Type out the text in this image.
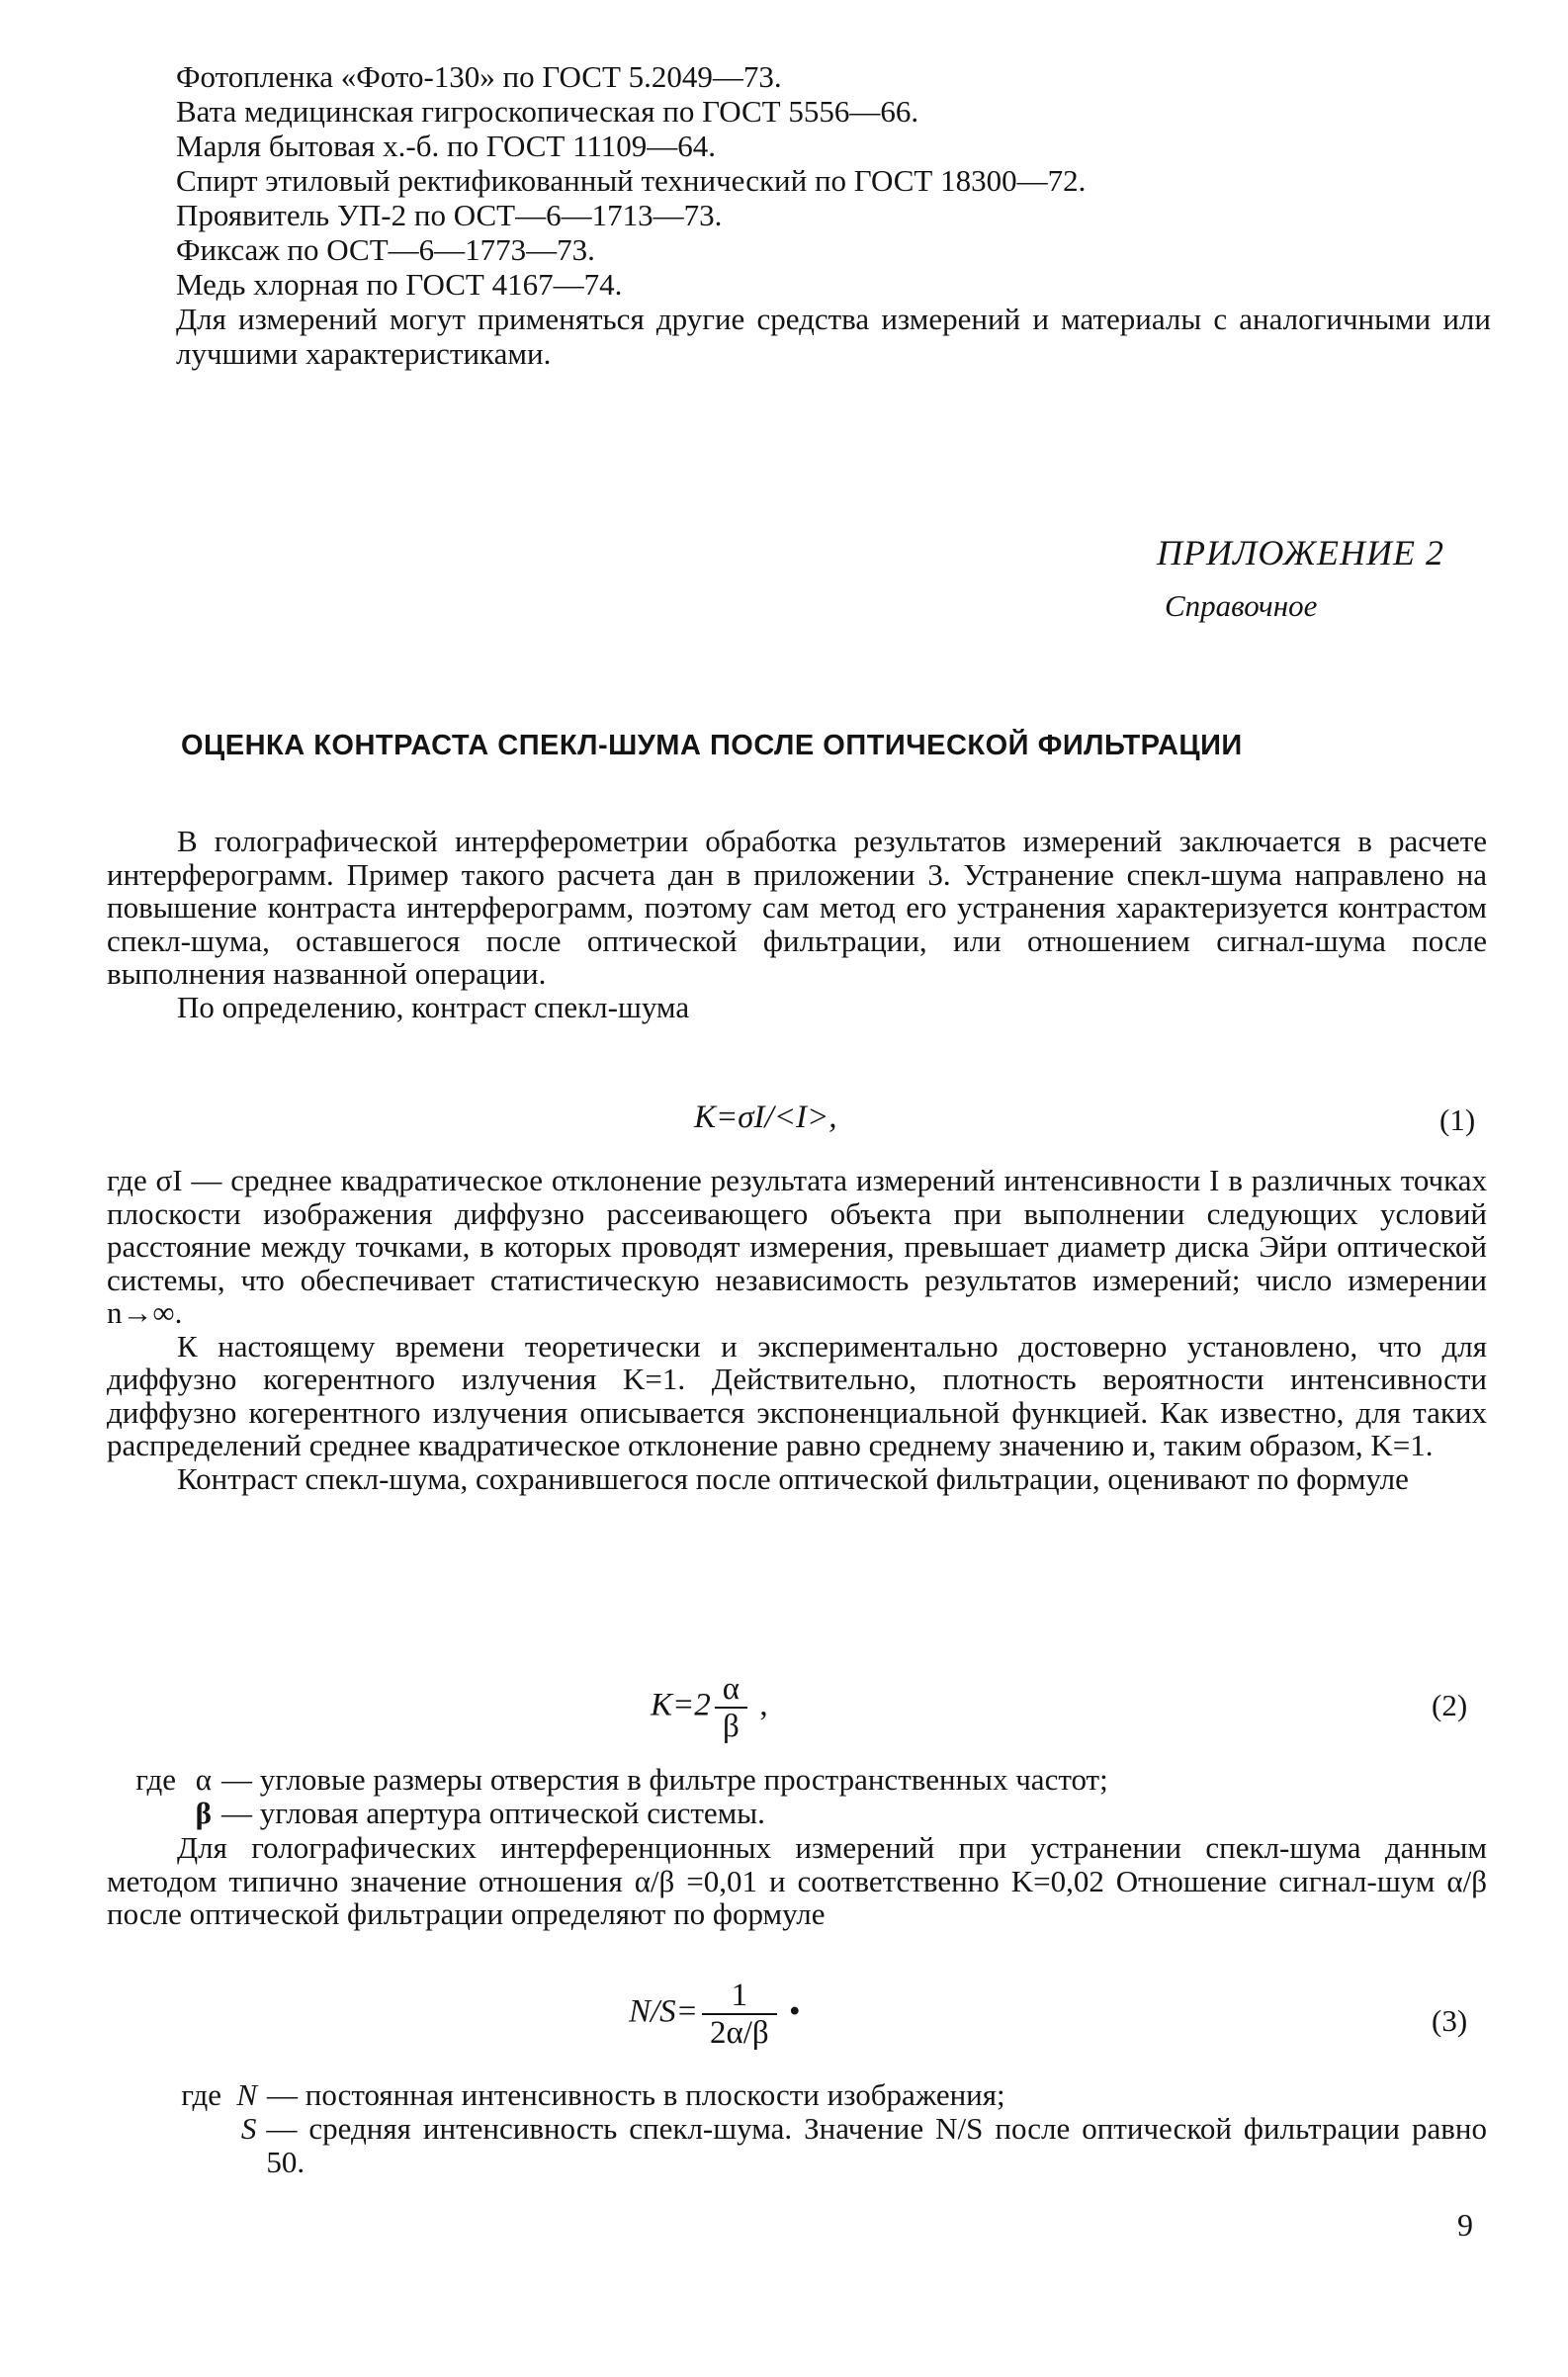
Фотопленка «Фото-130» по ГОСТ 5.2049—73.
Вата медицинская гигроскопическая по ГОСТ 5556—66.
Марля бытовая х.-б. по ГОСТ 11109—64.
Спирт этиловый ректификованный технический по ГОСТ 18300—72.
Проявитель УП-2 по ОСТ—6—1713—73.
Фиксаж по ОСТ—6—1773—73.
Медь хлорная по ГОСТ 4167—74.
Для измерений могут применяться другие средства измерений и материалы с аналогичными или лучшими характеристиками.
ПРИЛОЖЕНИЕ 2
Справочное
ОЦЕНКА КОНТРАСТА СПЕКЛ-ШУМА ПОСЛЕ ОПТИЧЕСКОЙ ФИЛЬТРАЦИИ

В голографической интерферометрии обработка результатов измерений заключается в расчете интерферограмм. Пример такого расчета дан в приложении 3. Устранение спекл-шума направлено на повышение контраста интерферограмм, поэтому сам метод его устранения характеризуется контрастом спекл-шума, оставшегося после оптической фильтрации, или отношением сигнал-шума после выполнения названной операции.

По определению, контраст спекл-шума

K=σI/<I>,	(1)

где σI — среднее квадратическое отклонение результата измерений интенсивности I в различных точках плоскости изображения диффузно рассеивающего объекта при выполнении следующих условий расстояние между точками, в которых проводят измерения, превышает диаметр диска Эйри оптической системы, что обеспечивает статистическую независимость результатов измерений; число измерении n→∞.

К настоящему времени теоретически и экспериментально достоверно установлено, что для диффузно когерентного излучения K=1. Действительно, плотность вероятности интенсивности диффузно когерентного излучения описывается экспоненциальной функцией. Как известно, для таких распределений среднее квадратическое отклонение равно среднему значению и, таким образом, K=1.

Контраст спекл-шума, сохранившегося после оптической фильтрации, оценивают по формуле

$K=2 \frac{\alpha}{\beta}$ ,	(2)
где α — угловые размеры отверстия в фильтре пространственных частот;
β — угловая апертура оптической системы.

Для голографических интерференционных измерений при устранении спекл-шума данным методом типично значение отношения α/β =0,01 и соответственно K=0,02 Отношение сигнал-шум α/β после оптической фильтрации определяют по формуле

$N/S= \frac{1}{2\alpha/\beta}$ •	(3)
где N — постоянная интенсивность в плоскости изображения;
S — средняя интенсивность спекл-шума. Значение N/S после оптической фильтрации равно 50.
9
